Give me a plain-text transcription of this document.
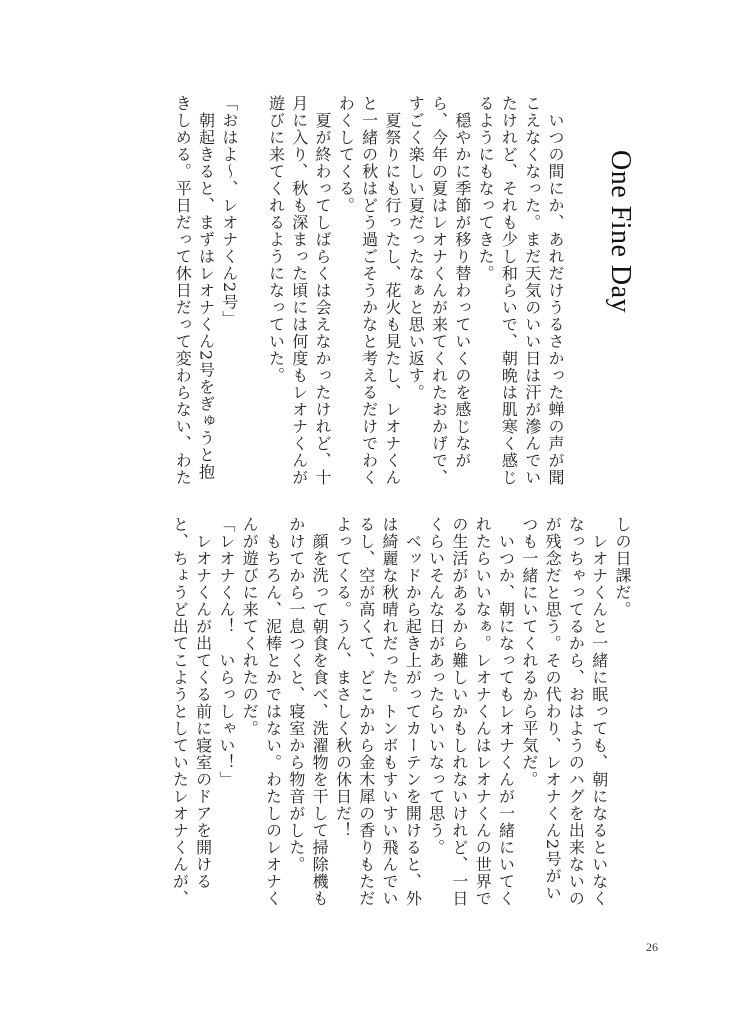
One Fine Day
　いつの間にか、あれだけうるさかった蝉の声が聞
こえなくなった。まだ天気のいい日は汗が滲んでい
たけれど、それも少し和らいで、朝晩は肌寒く感じ
るようにもなってきた。
　穏やかに季節が移り替わっていくのを感じなが
ら、今年の夏はレオナくんが来てくれたおかげで、
すごく楽しい夏だったなぁと思い返す。
　夏祭りにも行ったし、花火も見たし、レオナくん
と一緒の秋はどう過ごそうかなと考えるだけでわく
わくしてくる。
　夏が終わってしばらくは会えなかったけれど、十
月に入り、秋も深まった頃には何度もレオナくんが
遊びに来てくれるようになっていた。
「おはよ～、レオナくん2号」
　朝起きると、まずはレオナくん2号をぎゅうと抱
きしめる。平日だって休日だって変わらない、わた
しの日課だ。
　レオナくんと一緒に眠っても、朝になるといなく
なっちゃってるから、おはようのハグを出来ないの
が残念だと思う。その代わり、レオナくん2号がい
つも一緒にいてくれるから平気だ。
　いつか、朝になってもレオナくんが一緒にいてく
れたらいいなぁ。レオナくんはレオナくんの世界で
の生活があるから難しいかもしれないけれど、一日
くらいそんな日があったらいいなって思う。
　ベッドから起き上がってカーテンを開けると、外
は綺麗な秋晴れだった。トンボもすいすい飛んでい
るし、空が高くて、どこかから金木犀の香りもただ
よってくる。うん、まさしく秋の休日だ！
　顔を洗って朝食を食べ、洗濯物を干して掃除機も
かけてから一息つくと、寝室から物音がした。
　もちろん、泥棒とかではない。わたしのレオナく
んが遊びに来てくれたのだ。
「レオナくん！　いらっしゃい！」
　レオナくんが出てくる前に寝室のドアを開ける
と、ちょうど出てこようとしていたレオナくんが、
26
